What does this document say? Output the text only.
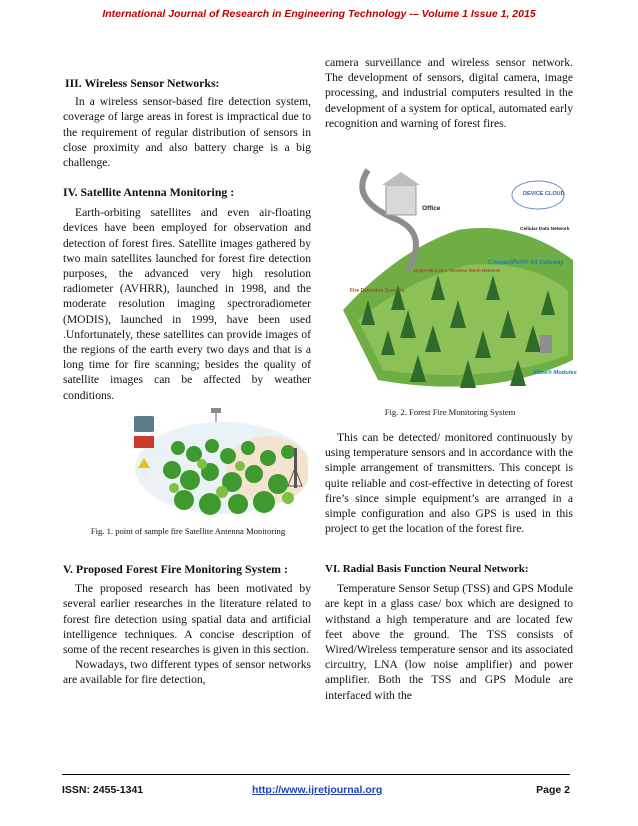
International Journal of Research in Engineering Technology -– Volume 1 Issue 1, 2015
III. Wireless Sensor Networks:

In a wireless sensor-based fire detection system, coverage of large areas in forest is impractical due to the requirement of regular distribution of sensors in close proximity and also battery charge is a big challenge.

IV. Satellite Antenna Monitoring :

Earth-orbiting satellites and even air-floating devices have been employed for observation and detection of forest fires. Satellite images gathered by two main satellites launched for forest fire detection purposes, the advanced very high resolution radiometer (AVHRR), launched in 1998, and the moderate resolution imaging spectroradiometer (MODIS), launched in 1999, have been used .Unfortunately, these satellites can provide images of the regions of the earth every two days and that is a long time for fire scanning; besides the quality of satellite images can be affected by weather conditions.

Fig. 1. point of sample fire Satellite Antenna Monitoring
V. Proposed Forest Fire Monitoring System :

The proposed research has been motivated by several earlier researches in the literature related to forest fire detection using spatial data and artificial intelligence techniques. A concise description of some of the recent researches is given in this section.

Nowadays, two different types of sensor networks are available for fire detection,

camera surveillance and wireless sensor network. The development of sensors, digital camera, image processing, and industrial computers resulted in the development of a system for optical, automated early recognition and warning of forest fires.

Office
DEVICE CLOUD
Cellular Data Network
ConnectPort® X4 Gateway
ZigBee/802.15.4 Wireless Mesh Network
Fire Detection Sensors
XBee® Modules
Fig. 2. Forest Fire Monitoring System

This can be detected/ monitored continuously by using temperature sensors and in accordance with the simple arrangement of transmitters. This concept is quite reliable and cost-effective in detecting of forest fire’s since simple equipment’s are arranged in a simple configuration and also GPS is used in this project to get the location of the forest fire.

VI. Radial Basis Function Neural Network:

Temperature Sensor Setup (TSS) and GPS Module are kept in a glass case/ box which are designed to withstand a high temperature and are located few feet above the ground. The TSS consists of Wired/Wireless temperature sensor and its associated circuitry, LNA (low noise amplifier) and power amplifier. Both the TSS and GPS Module are interfaced with the

ISSN: 2455-1341	http://www.ijretjournal.org	Page 2
